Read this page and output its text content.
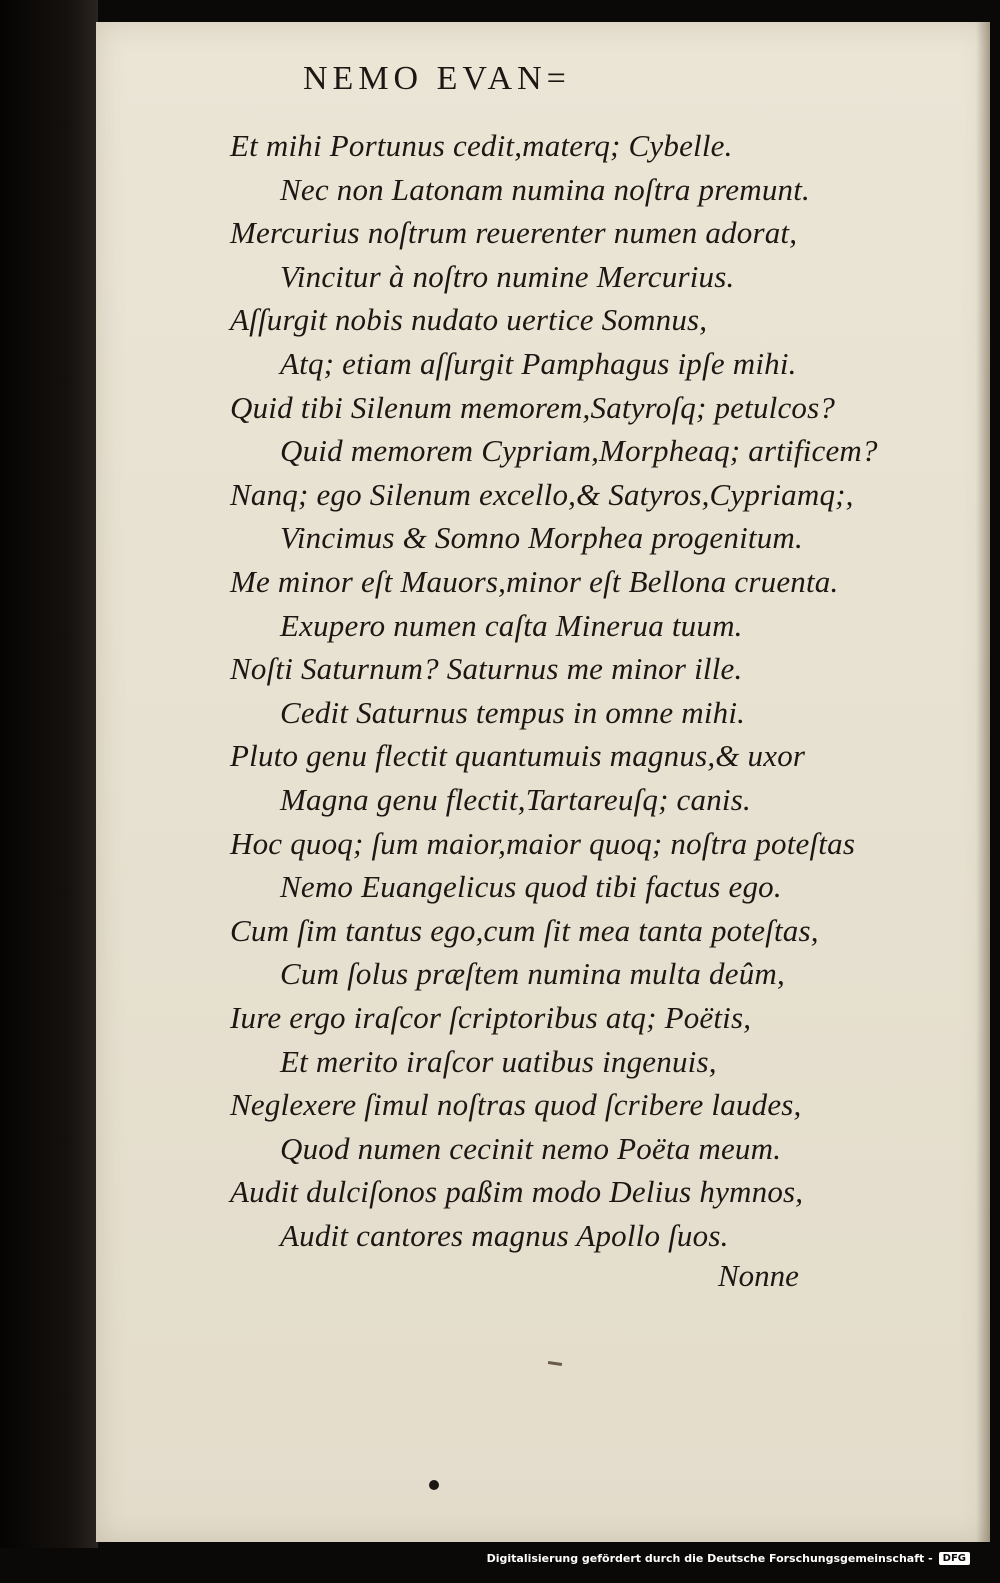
NEMO EVAN=
Et mihi Portunus cedit,materq; Cybelle.
Nec non Latonam numina noſtra premunt.
Mercurius noſtrum reuerenter numen adorat,
Vincitur à noſtro numine Mercurius.
Aſſurgit nobis nudato uertice Somnus,
Atq; etiam aſſurgit Pamphagus ipſe mihi.
Quid tibi Silenum memorem,Satyroſq; petulcos?
Quid memorem Cypriam,Morpheaq; artificem?
Nanq; ego Silenum excello,& Satyros,Cypriamq;,
Vincimus & Somno Morphea progenitum.
Me minor eſt Mauors,minor eſt Bellona cruenta.
Exupero numen caſta Minerua tuum.
Noſti Saturnum? Saturnus me minor ille.
Cedit Saturnus tempus in omne mihi.
Pluto genu flectit quantumuis magnus,& uxor
Magna genu flectit,Tartareuſq; canis.
Hoc quoq; ſum maior,maior quoq; noſtra poteſtas
Nemo Euangelicus quod tibi factus ego.
Cum ſim tantus ego,cum ſit mea tanta poteſtas,
Cum ſolus præſtem numina multa deûm,
Iure ergo iraſcor ſcriptoribus atq; Poëtis,
Et merito iraſcor uatibus ingenuis,
Neglexere ſimul noſtras quod ſcribere laudes,
Quod numen cecinit nemo Poëta meum.
Audit dulciſonos paßim modo Delius hymnos,
Audit cantores magnus Apollo ſuos.
Nonne
Digitalisierung gefördert durch die Deutsche Forschungsgemeinschaft -	DFG
